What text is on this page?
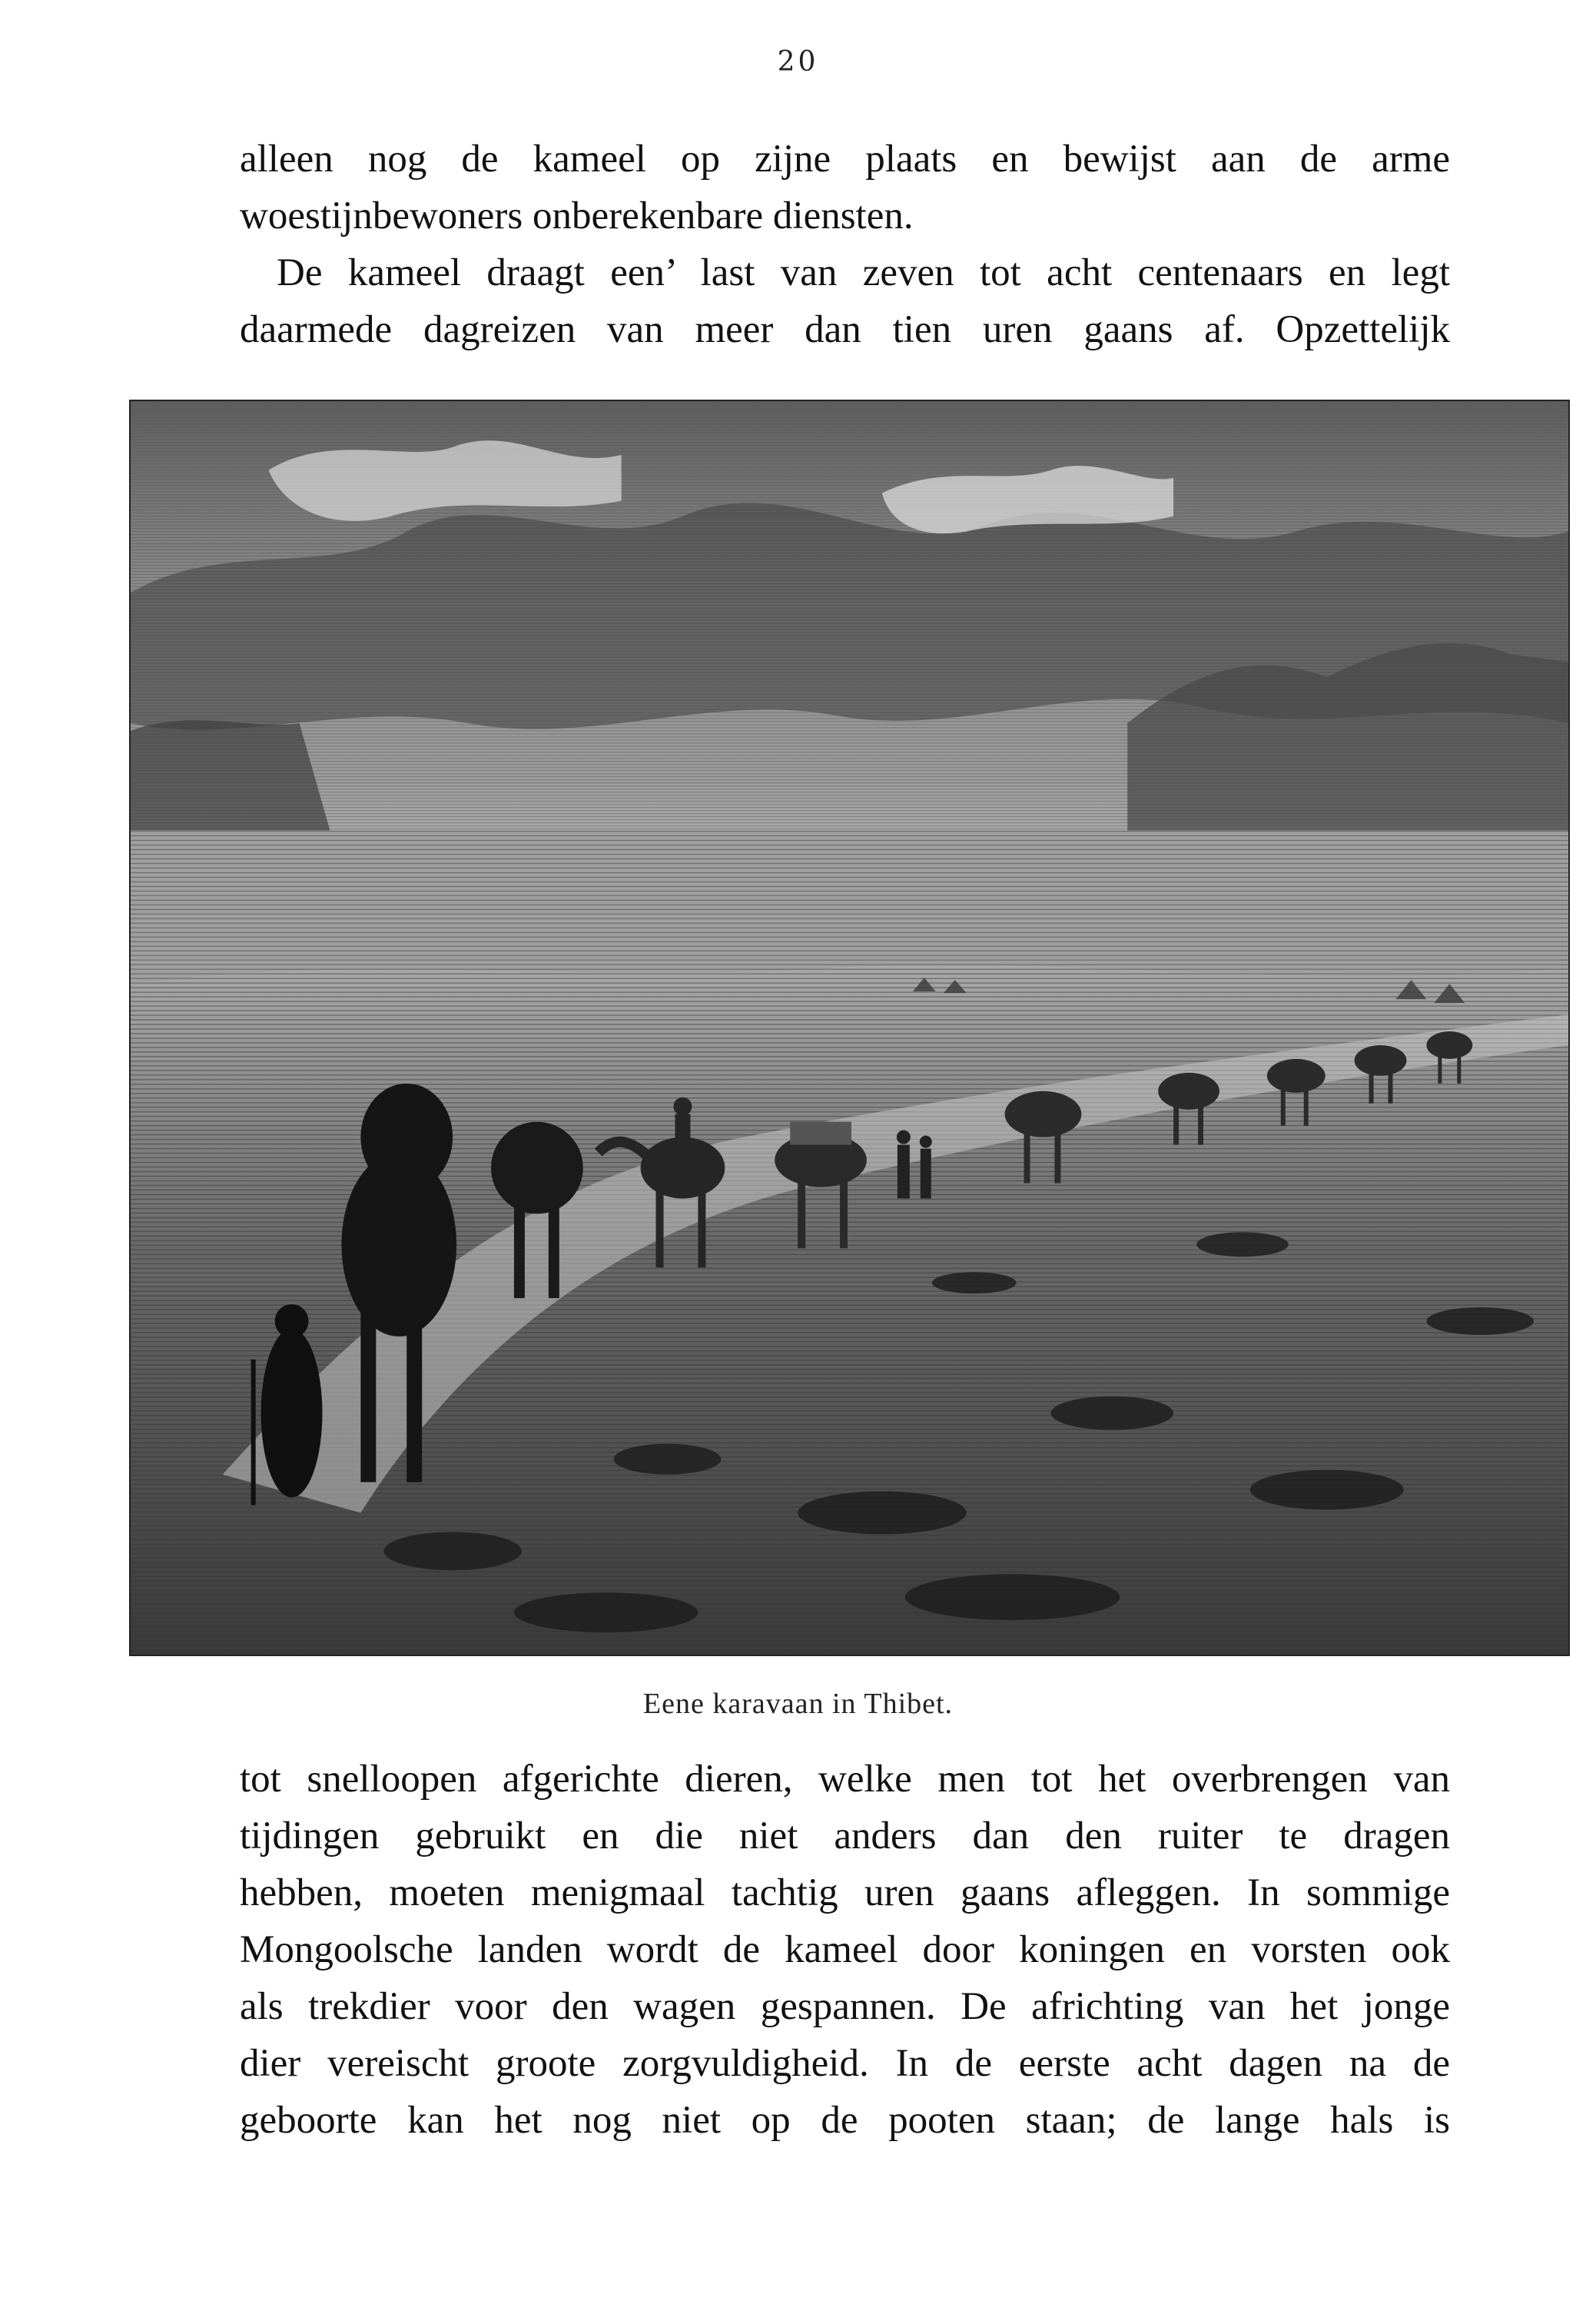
20
alleen nog de kameel op zijne plaats en bewijst aan de arme
woestijnbewoners onberekenbare diensten.
De kameel draagt een’ last van zeven tot acht centenaars en legt
daarmede dagreizen van meer dan tien uren gaans af. Opzettelijk
Eene karavaan in Thibet.
tot snelloopen afgerichte dieren, welke men tot het overbrengen van
tijdingen gebruikt en die niet anders dan den ruiter te dragen
hebben, moeten menigmaal tachtig uren gaans afleggen. In sommige
Mongoolsche landen wordt de kameel door koningen en vorsten ook
als trekdier voor den wagen gespannen. De africhting van het jonge
dier vereischt groote zorgvuldigheid. In de eerste acht dagen na de
geboorte kan het nog niet op de pooten staan; de lange hals is
